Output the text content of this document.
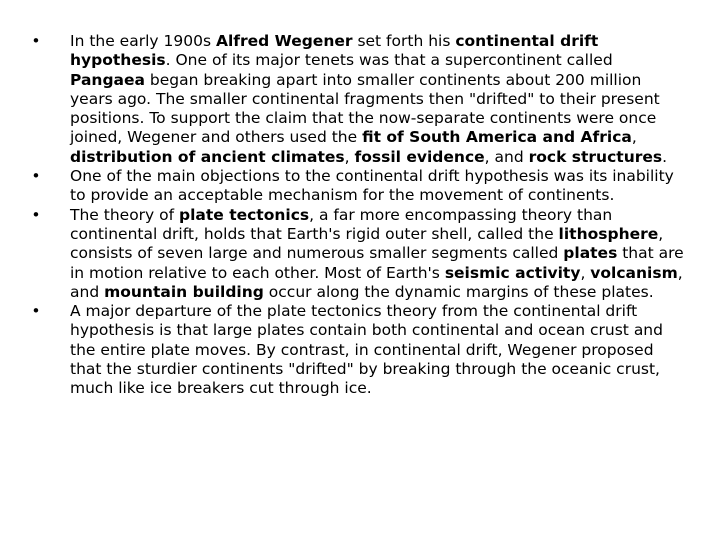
• In the early 1900s Alfred Wegener set forth his continental drift hypothesis. One of its major tenets was that a supercontinent called Pangaea began breaking apart into smaller continents about 200 million years ago. The smaller continental fragments then "drifted" to their present positions. To support the claim that the now-separate continents were once joined, Wegener and others used the fit of South America and Africa, distribution of ancient climates, fossil evidence, and rock structures.
• One of the main objections to the continental drift hypothesis was its inability to provide an acceptable mechanism for the movement of continents.
• The theory of plate tectonics, a far more encompassing theory than continental drift, holds that Earth's rigid outer shell, called the lithosphere, consists of seven large and numerous smaller segments called plates that are in motion relative to each other. Most of Earth's seismic activity, volcanism, and mountain building occur along the dynamic margins of these plates.
• A major departure of the plate tectonics theory from the continental drift hypothesis is that large plates contain both continental and ocean crust and the entire plate moves. By contrast, in continental drift, Wegener proposed that the sturdier continents "drifted" by breaking through the oceanic crust, much like ice breakers cut through ice.
